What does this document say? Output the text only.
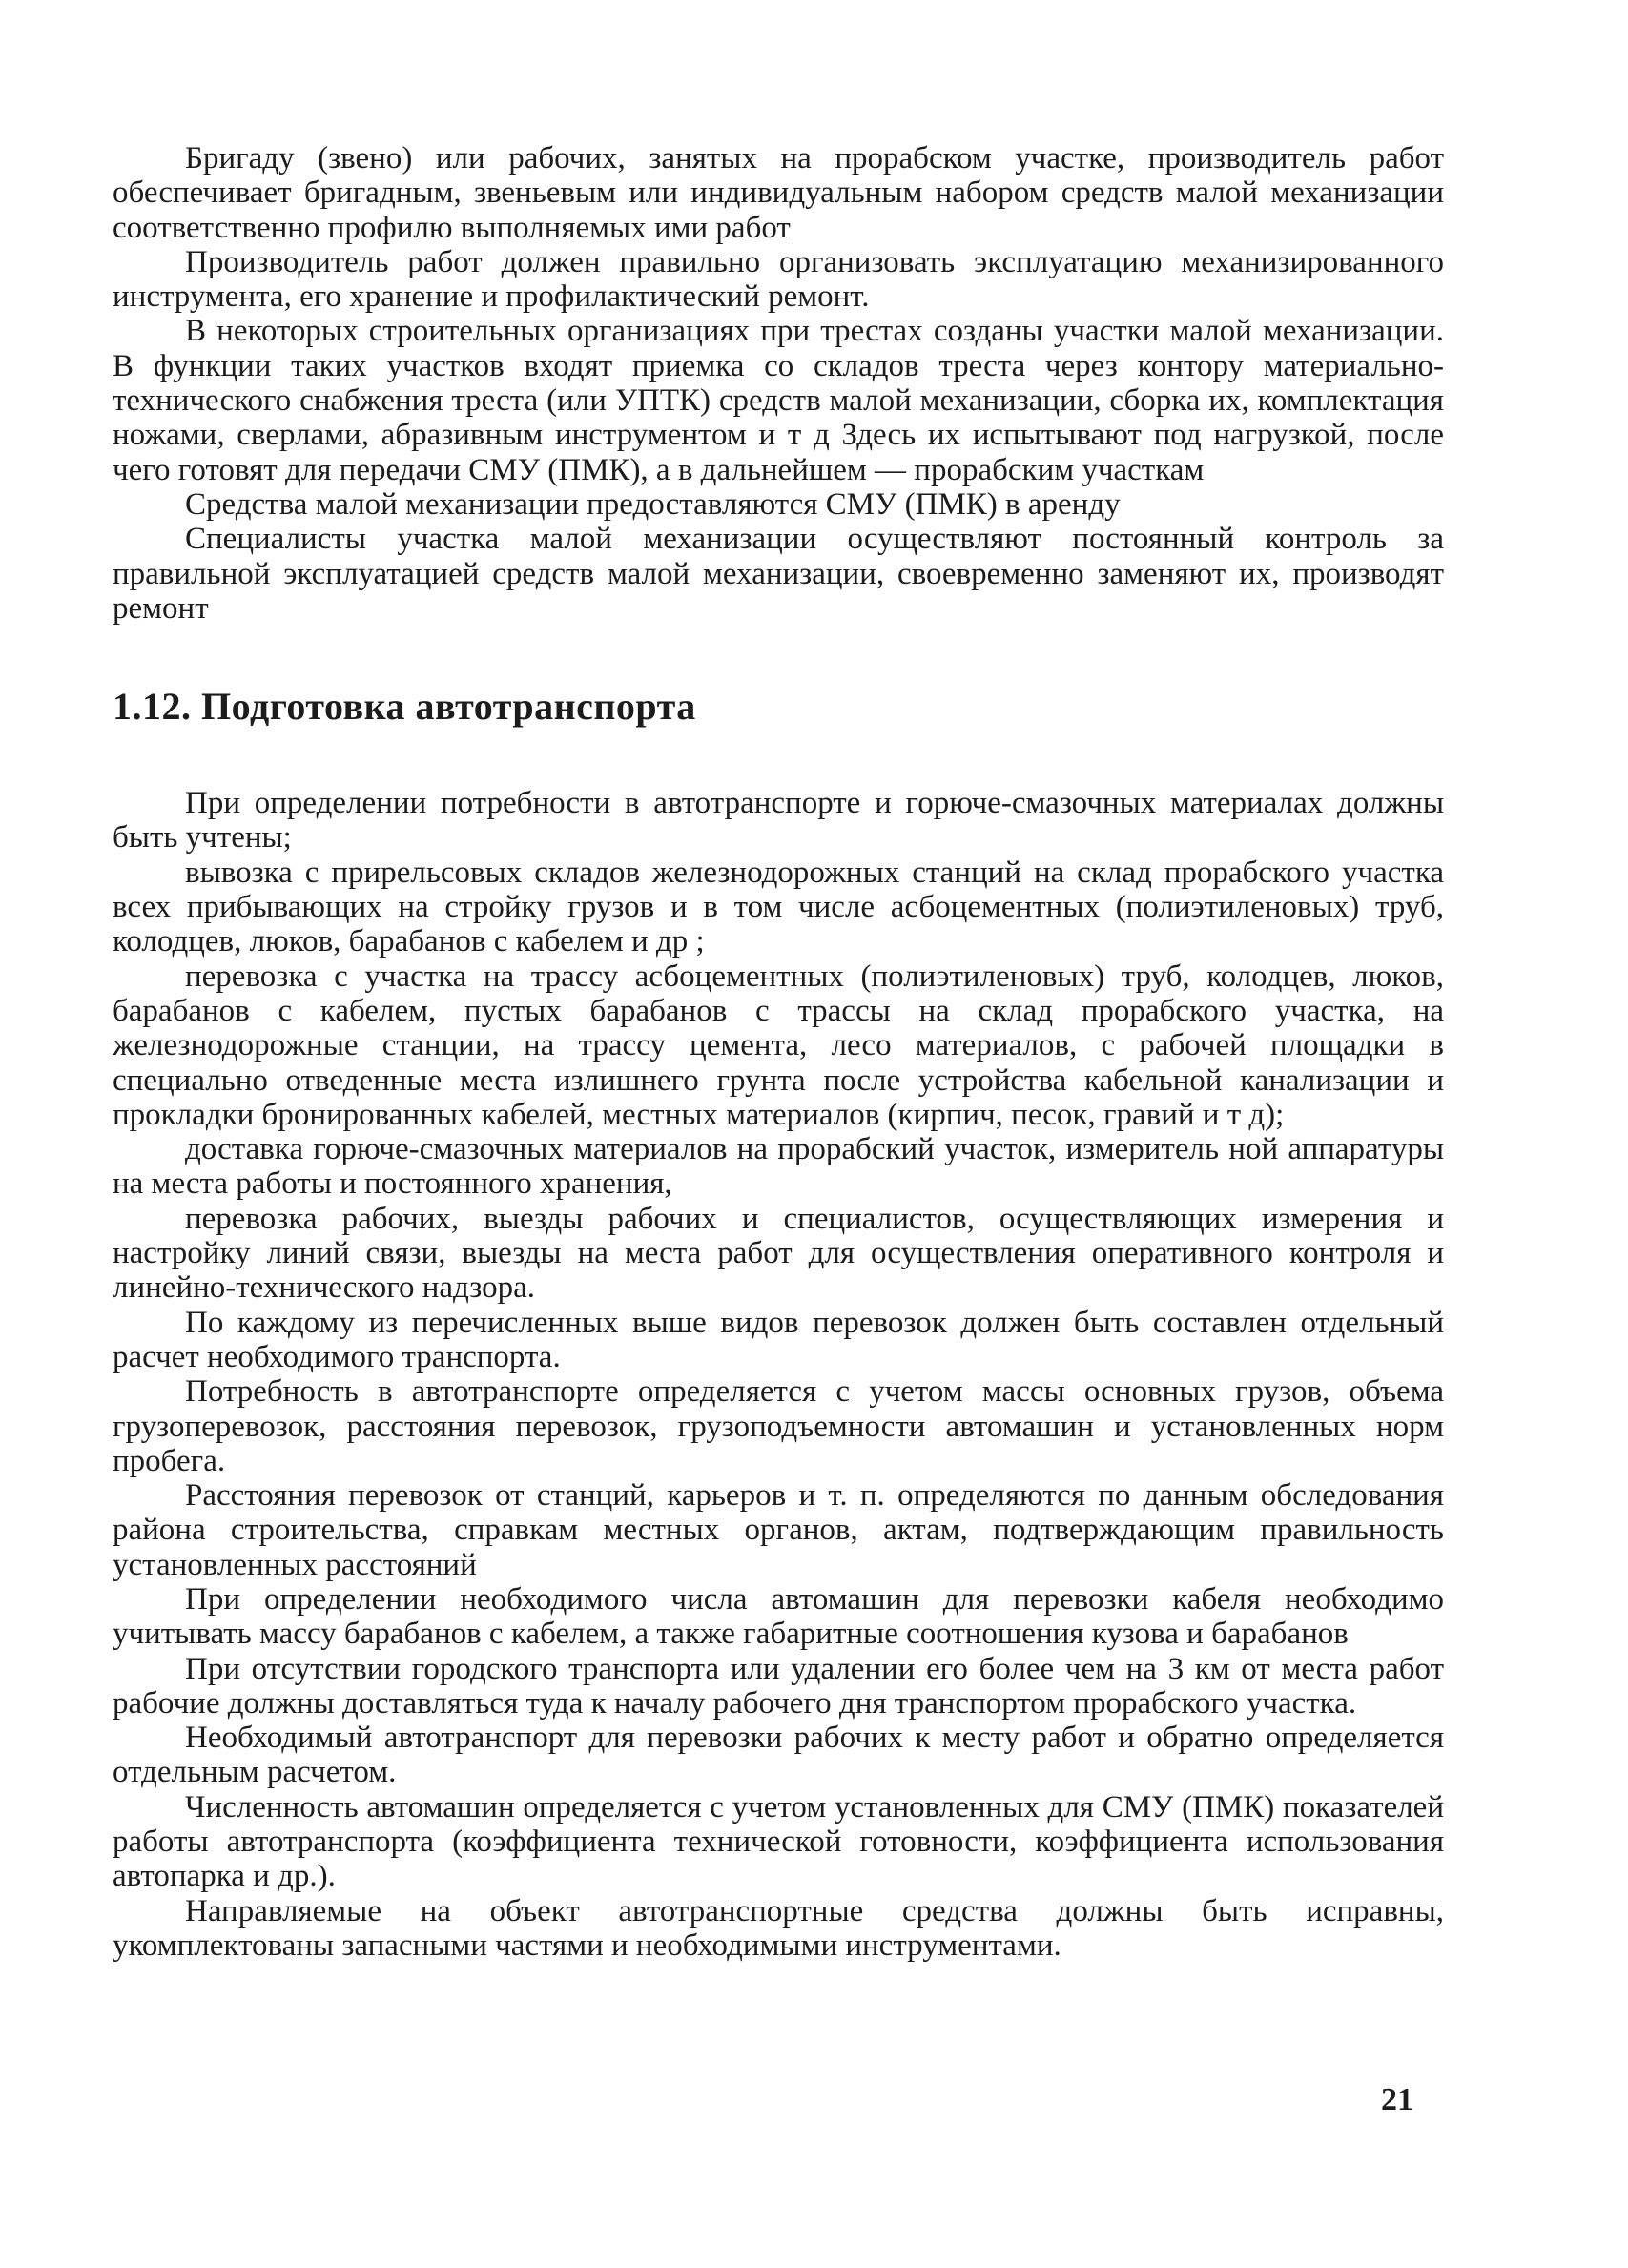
Бригаду (звено) или рабочих, занятых на прорабском участке, производитель работ обеспечивает бригадным, звеньевым или индивидуальным набором средств малой механизации соответственно профилю выполняемых ими работ

Производитель работ должен правильно организовать эксплуатацию механизированного инструмента, его хранение и профилактический ремонт.

В некоторых строительных организациях при трестах созданы участки малой механизации. В функции таких участков входят приемка со складов треста через контору материально-технического снабжения треста (или УПТК) средств малой механизации, сборка их, комплектация ножами, сверлами, абразивным инструментом и т д Здесь их испытывают под нагрузкой, после чего готовят для передачи СМУ (ПМК), а в дальнейшем — прорабским участкам

Средства малой механизации предоставляются СМУ (ПМК) в аренду

Специалисты участка малой механизации осуществляют постоянный контроль за правильной эксплуатацией средств малой механизации, своевременно заменяют их, производят ремонт

1.12. Подготовка автотранспорта

При определении потребности в автотранспорте и горюче-смазочных материалах должны быть учтены;

вывозка с прирельсовых складов железнодорожных станций на склад прорабского участка всех прибывающих на стройку грузов и в том числе асбоцементных (полиэтиленовых) труб, колодцев, люков, барабанов с кабелем и др ;

перевозка с участка на трассу асбоцементных (полиэтиленовых) труб, колодцев, люков, барабанов с кабелем, пустых барабанов с трассы на склад прорабского участка, на железнодорожные станции, на трассу цемента, лесо материалов, с рабочей площадки в специально отведенные места излишнего грунта после устройства кабельной канализации и прокладки бронированных кабелей, местных материалов (кирпич, песок, гравий и т д);

доставка горюче-смазочных материалов на прорабский участок, измеритель ной аппаратуры на места работы и постоянного хранения,

перевозка рабочих, выезды рабочих и специалистов, осуществляющих измерения и настройку линий связи, выезды на места работ для осуществления оперативного контроля и линейно-технического надзора.

По каждому из перечисленных выше видов перевозок должен быть составлен отдельный расчет необходимого транспорта.

Потребность в автотранспорте определяется с учетом массы основных грузов, объема грузоперевозок, расстояния перевозок, грузоподъемности автомашин и установленных норм пробега.

Расстояния перевозок от станций, карьеров и т. п. определяются по данным обследования района строительства, справкам местных органов, актам, подтверждающим правильность установленных расстояний

При определении необходимого числа автомашин для перевозки кабеля необходимо учитывать массу барабанов с кабелем, а также габаритные соотношения кузова и барабанов

При отсутствии городского транспорта или удалении его более чем на 3 км от места работ рабочие должны доставляться туда к началу рабочего дня транспортом прорабского участка.

Необходимый автотранспорт для перевозки рабочих к месту работ и обратно определяется отдельным расчетом.

Численность автомашин определяется с учетом установленных для СМУ (ПМК) показателей работы автотранспорта (коэффициента технической готовности, коэффициента использования автопарка и др.).

Направляемые на объект автотранспортные средства должны быть исправны, укомплектованы запасными частями и необходимыми инструментами.

21
